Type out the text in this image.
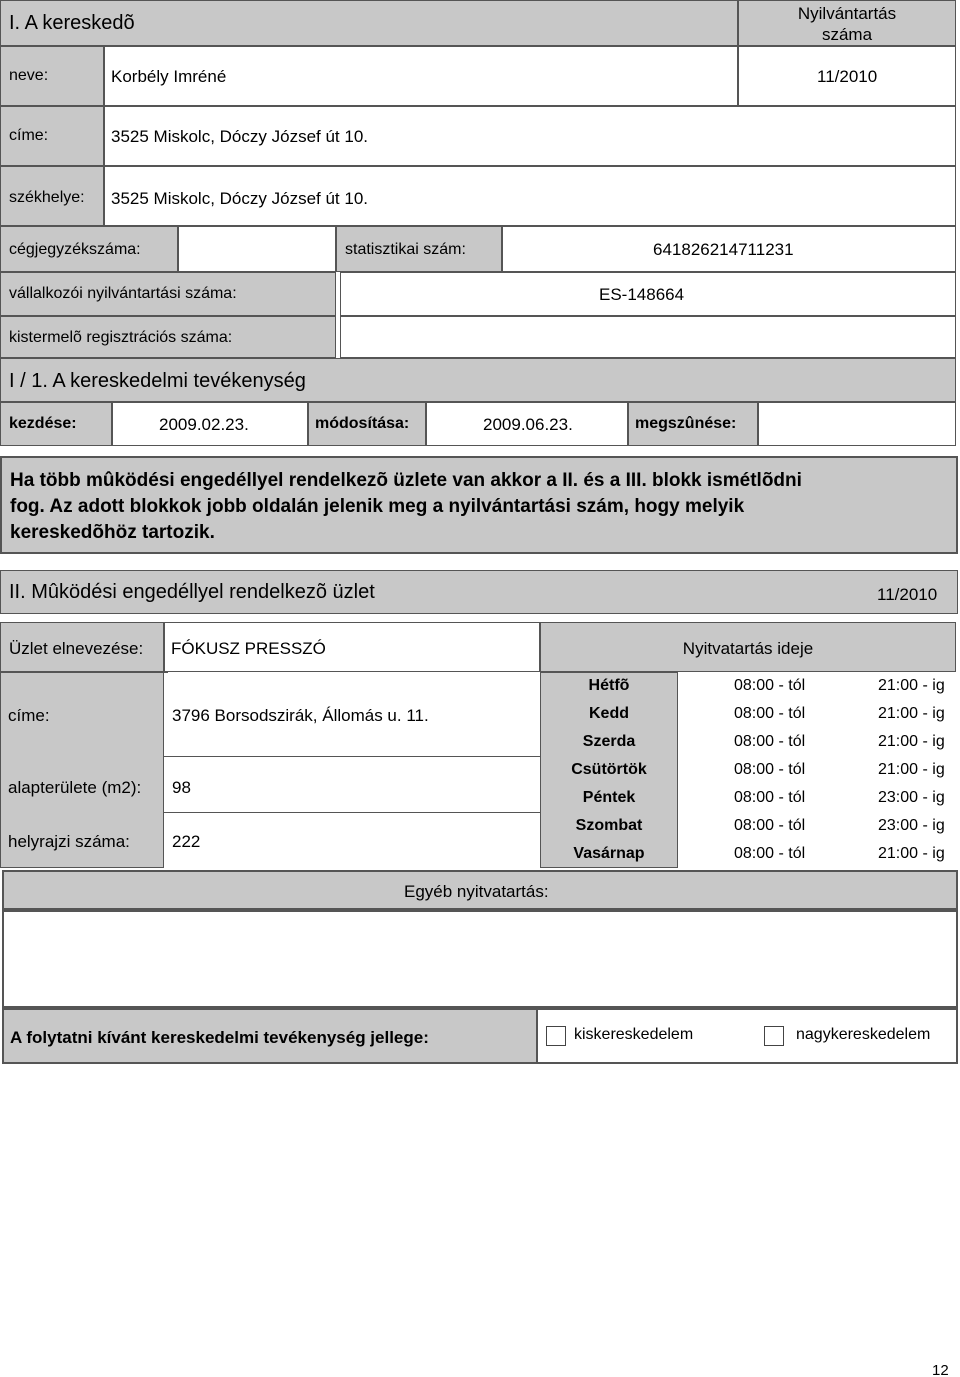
I. A kereskedõ	Nyilvántartás
száma
neve:	Korbély Imréné	11/2010
címe:	3525 Miskolc, Dóczy József út 10.
székhelye: 3525 Miskolc, Dóczy József út 10.
cégjegyzékszáma:	statisztikai szám:	641826214711231
vállalkozói nyilvántartási száma:	ES-148664
kistermelõ regisztrációs száma:
I / 1. A kereskedelmi tevékenység
kezdése:	2009.02.23.	módosítása:	2009.06.23.	megszûnése:
Ha több mûködési engedéllyel rendelkezõ üzlete van akkor a II. és a III. blokk ismétlõdni
fog. Az adott blokkok jobb oldalán jelenik meg a nyilvántartási szám, hogy melyik
kereskedõhöz tartozik.
II. Mûködési engedéllyel rendelkezõ üzlet	11/2010
Üzlet elnevezése: FÓKUSZ PRESSZÓ	Nyitvatartás ideje
címe:	3796 Borsodszirák, Állomás u. 11.
alapterülete (m2): 98
helyrajzi száma: 222
Hétfõ	08:00 - tól	21:00 - ig
Kedd	08:00 - tól	21:00 - ig
Szerda	08:00 - tól	21:00 - ig
Csütörtök	08:00 - tól	21:00 - ig
Péntek	08:00 - tól	23:00 - ig
Szombat	08:00 - tól	23:00 - ig
Vasárnap	08:00 - tól	21:00 - ig
Egyéb nyitvatartás:
A folytatni kívánt kereskedelmi tevékenység jellege:	kiskereskedelem	nagykereskedelem
12
